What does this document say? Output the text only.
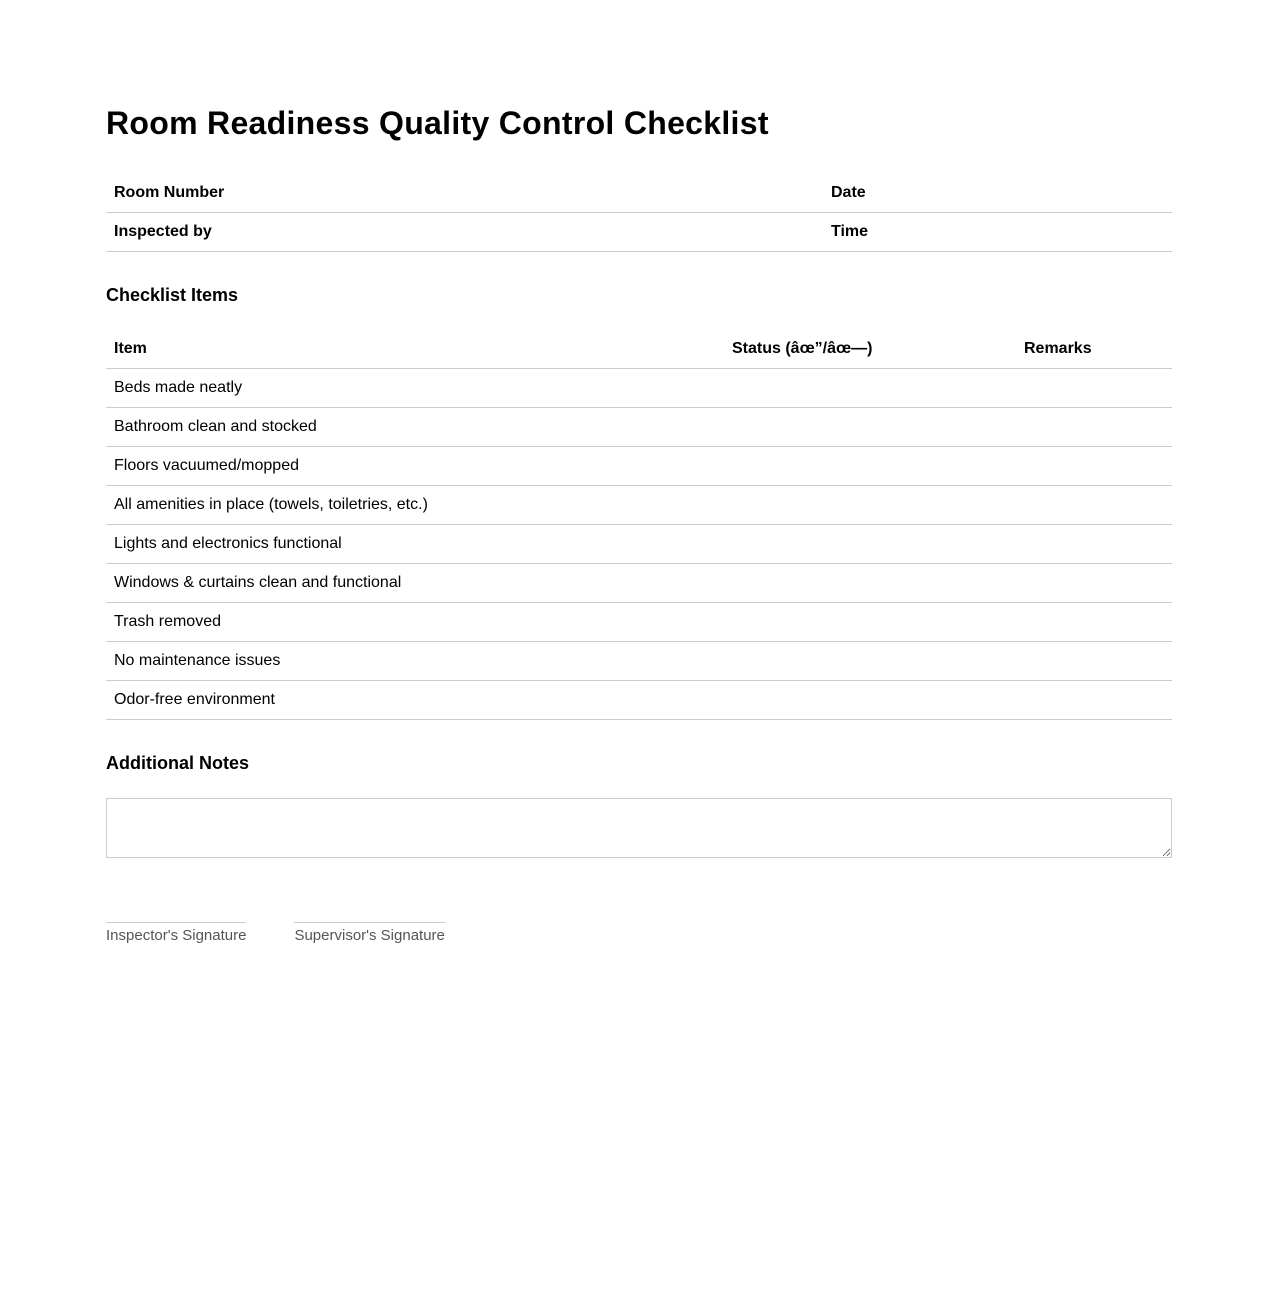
Room Readiness Quality Control Checklist
Room Number	Date
Inspected by	Time
Checklist Items
Item	Status (âœ”/âœ—)	Remarks
Beds made neatly		
Bathroom clean and stocked		
Floors vacuumed/mopped		
All amenities in place (towels, toiletries, etc.)		
Lights and electronics functional		
Windows & curtains clean and functional		
Trash removed		
No maintenance issues		
Odor-free environment		
Additional Notes
Inspector's Signature	Supervisor's Signature
